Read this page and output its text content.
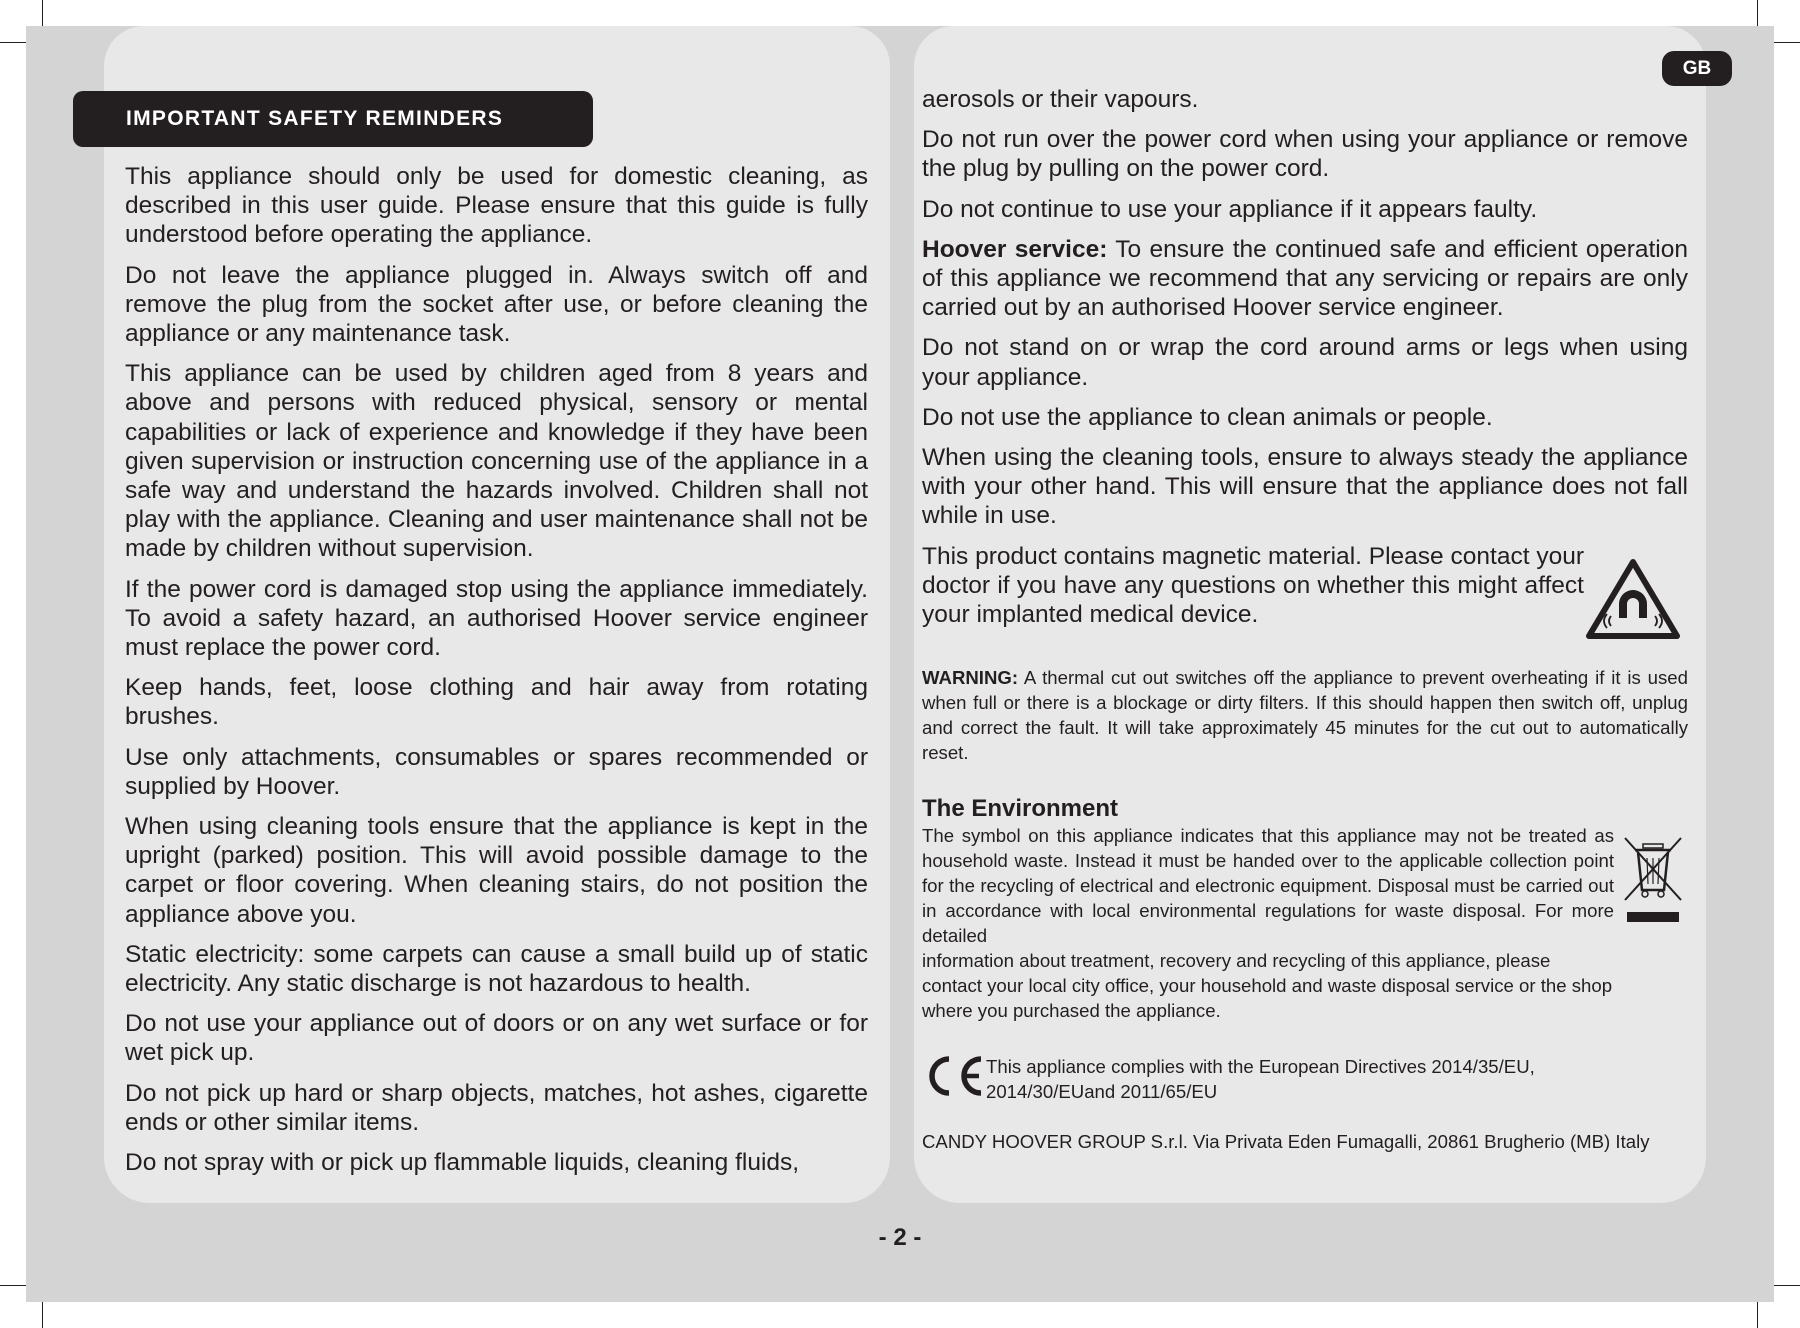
IMPORTANT SAFETY REMINDERS
GB

This appliance should only be used for domestic cleaning, as described in this user guide. Please ensure that this guide is fully understood before operating the appliance.

Do not leave the appliance plugged in. Always switch off and remove the plug from the socket after use, or before cleaning the appliance or any maintenance task.

This appliance can be used by children aged from 8 years and above and persons with reduced physical, sensory or mental capabilities or lack of experience and knowledge if they have been given supervision or instruction concerning use of the appliance in a safe way and understand the hazards involved. Children shall not play with the appliance. Cleaning and user maintenance shall not be made by children without supervision.

If the power cord is damaged stop using the appliance immediately. To avoid a safety hazard, an authorised Hoover service engineer must replace the power cord.

Keep hands, feet, loose clothing and hair away from rotating brushes.

Use only attachments, consumables or spares recommended or supplied by Hoover.

When using cleaning tools ensure that the appliance is kept in the upright (parked) position. This will avoid possible damage to the carpet or floor covering. When cleaning stairs, do not position the appliance above you.

Static electricity: some carpets can cause a small build up of static electricity. Any static discharge is not hazardous to health.

Do not use your appliance out of doors or on any wet surface or for wet pick up.

Do not pick up hard or sharp objects, matches, hot ashes, cigarette ends or other similar items.

Do not spray with or pick up flammable liquids, cleaning fluids,

aerosols or their vapours.

Do not run over the power cord when using your appliance or remove the plug by pulling on the power cord.

Do not continue to use your appliance if it appears faulty.

Hoover service: To ensure the continued safe and efficient operation of this appliance we recommend that any servicing or repairs are only carried out by an authorised Hoover service engineer.

Do not stand on or wrap the cord around arms or legs when using your appliance.

Do not use the appliance to clean animals or people.

When using the cleaning tools, ensure to always steady the appliance with your other hand. This will ensure that the appliance does not fall while in use.

This product contains magnetic material. Please contact your doctor if you have any questions on whether this might affect your implanted medical device.

WARNING: A thermal cut out switches off the appliance to prevent overheating if it is used when full or there is a blockage or dirty filters. If this should happen then switch off, unplug and correct the fault. It will take approximately 45 minutes for the cut out to automatically reset.

The Environment

The symbol on this appliance indicates that this appliance may not be treated as household waste. Instead it must be handed over to the applicable collection point for the recycling of electrical and electronic equipment. Disposal must be carried out in accordance with local environmental regulations for waste disposal. For more detailed

information about treatment, recovery and recycling of this appliance, please

contact your local city office, your household and waste disposal service or the shop where you purchased the appliance.

This appliance complies with the European Directives 2014/35/EU, 2014/30/EUand 2011/65/EU
CANDY HOOVER GROUP S.r.l. Via Privata Eden Fumagalli, 20861 Brugherio (MB) Italy
- 2 -
